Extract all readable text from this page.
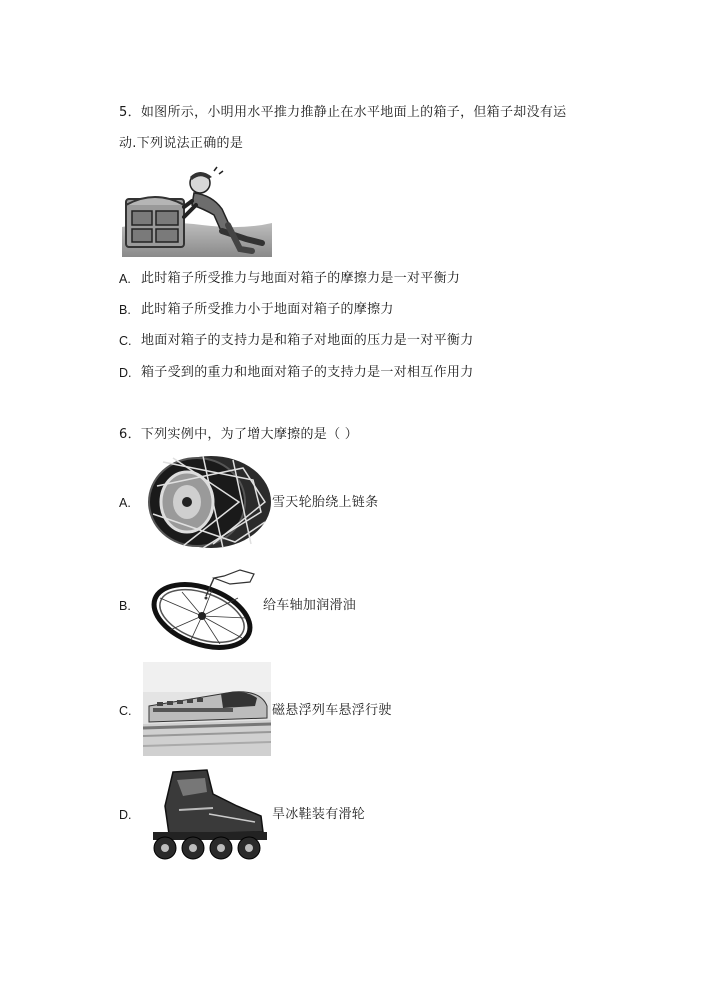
5．如图所示，小明用水平推力推静止在水平地面上的箱子，但箱子却没有运
动.下列说法正确的是
A. 此时箱子所受推力与地面对箱子的摩擦力是一对平衡力
B. 此时箱子所受推力小于地面对箱子的摩擦力
C. 地面对箱子的支持力是和箱子对地面的压力是一对平衡力
D. 箱子受到的重力和地面对箱子的支持力是一对相互作用力
6．下列实例中，为了增大摩擦的是（ ）
A.	雪天轮胎绕上链条
B.	给车轴加润滑油
C.	磁悬浮列车悬浮行驶
D.	旱冰鞋装有滑轮
